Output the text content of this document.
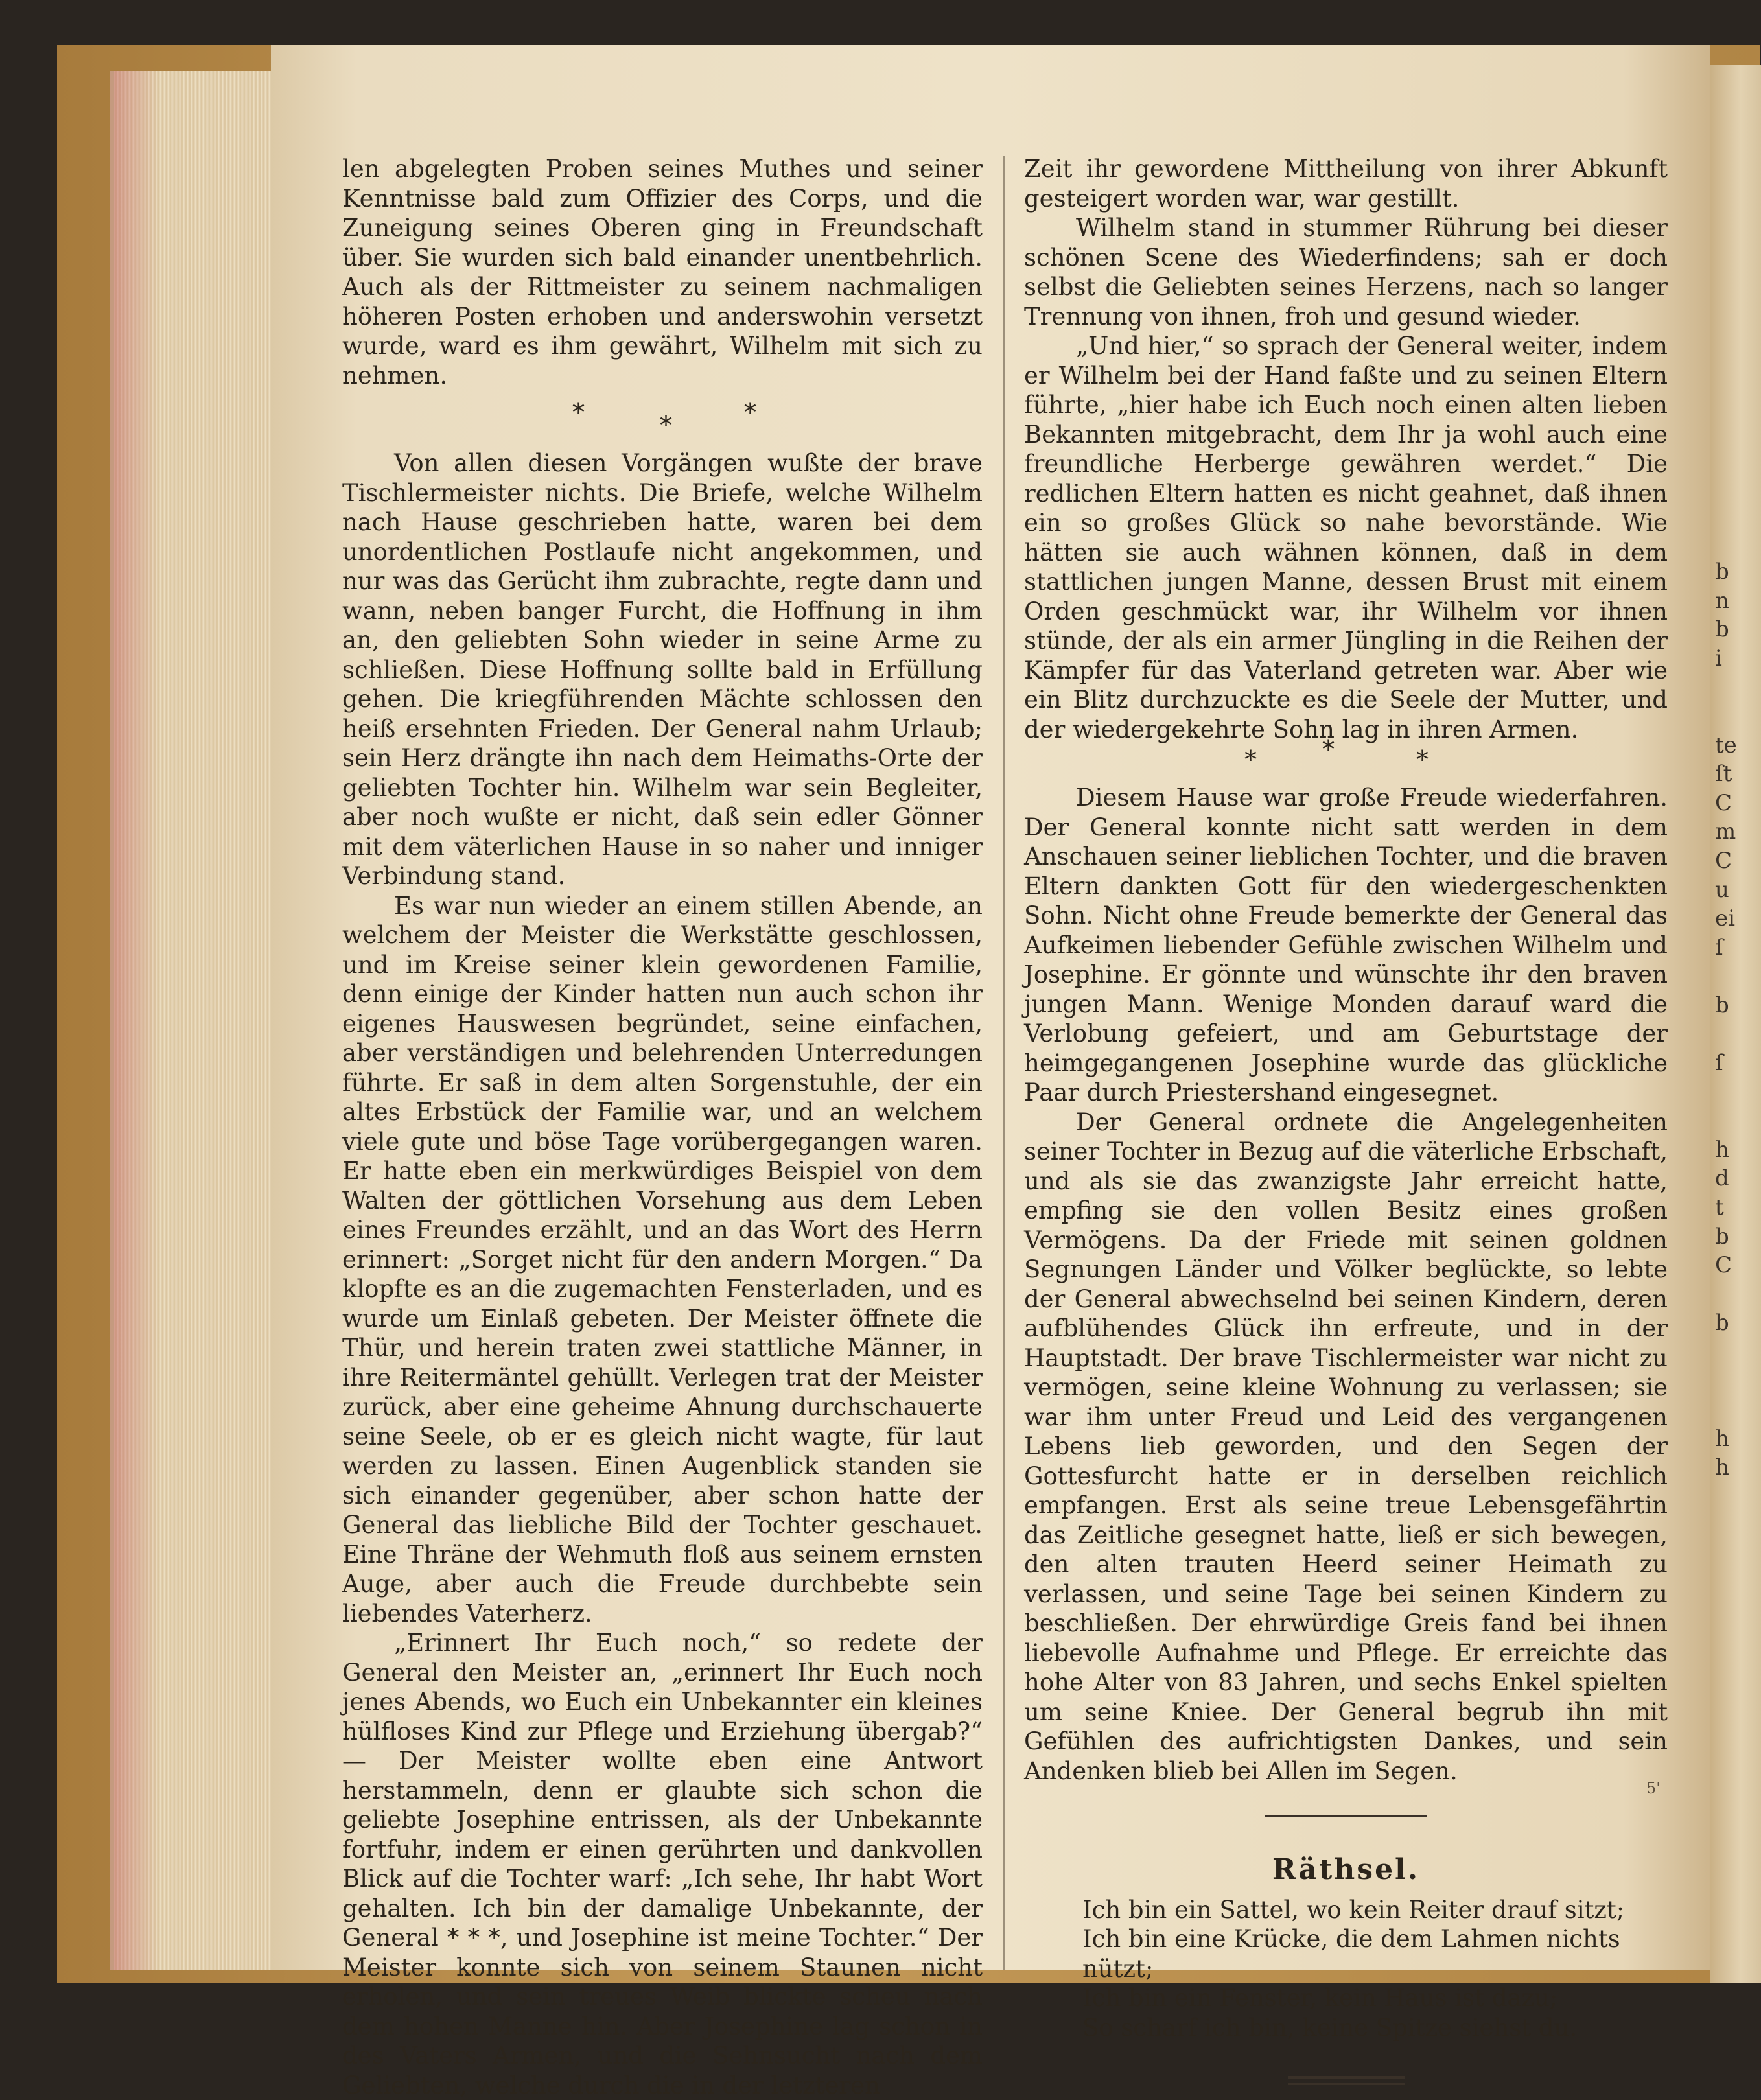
b
n
b
i

te
ſt
C
m
C
u
ei
ſ

b

ſ

h
d
t
b
C

b

h
h

len abgelegten Proben seines Muthes und seiner Kenntnisse bald zum Offizier des Corps, und die Zuneigung seines Oberen ging in Freundschaft über. Sie wurden sich bald einander unentbehrlich. Auch als der Rittmeister zu seinem nachmaligen höheren Posten erhoben und anderswohin versetzt wurde, ward es ihm gewährt, Wilhelm mit sich zu nehmen.

*	*	*

Von allen diesen Vorgängen wußte der brave Tischlermeister nichts. Die Briefe, welche Wilhelm nach Hause geschrieben hatte, waren bei dem unordentlichen Postlaufe nicht angekommen, und nur was das Gerücht ihm zubrachte, regte dann und wann, neben banger Furcht, die Hoffnung in ihm an, den geliebten Sohn wieder in seine Arme zu schließen. Diese Hoffnung sollte bald in Erfüllung gehen. Die kriegführenden Mächte schlossen den heiß ersehnten Frieden. Der General nahm Urlaub; sein Herz drängte ihn nach dem Heimaths-Orte der geliebten Tochter hin. Wilhelm war sein Begleiter, aber noch wußte er nicht, daß sein edler Gönner mit dem väterlichen Hause in so naher und inniger Verbindung stand.

Es war nun wieder an einem stillen Abende, an welchem der Meister die Werkstätte geschlossen, und im Kreise seiner klein gewordenen Familie, denn einige der Kinder hatten nun auch schon ihr eigenes Hauswesen begründet, seine einfachen, aber verständigen und belehrenden Unterredungen führte. Er saß in dem alten Sorgenstuhle, der ein altes Erbstück der Familie war, und an welchem viele gute und böse Tage vorübergegangen waren. Er hatte eben ein merkwürdiges Beispiel von dem Walten der göttlichen Vorsehung aus dem Leben eines Freundes erzählt, und an das Wort des Herrn erinnert: „Sorget nicht für den andern Morgen.“ Da klopfte es an die zugemachten Fensterladen, und es wurde um Einlaß gebeten. Der Meister öffnete die Thür, und herein traten zwei stattliche Männer, in ihre Reitermäntel gehüllt. Verlegen trat der Meister zurück, aber eine geheime Ahnung durchschauerte seine Seele, ob er es gleich nicht wagte, für laut werden zu lassen. Einen Augenblick standen sie sich einander gegenüber, aber schon hatte der General das liebliche Bild der Tochter geschauet. Eine Thräne der Wehmuth floß aus seinem ernsten Auge, aber auch die Freude durchbebte sein liebendes Vaterherz.

„Erinnert Ihr Euch noch,“ so redete der General den Meister an, „erinnert Ihr Euch noch jenes Abends, wo Euch ein Unbekannter ein kleines hülfloses Kind zur Pflege und Erziehung übergab?“ — Der Meister wollte eben eine Antwort herstammeln, denn er glaubte sich schon die geliebte Josephine entrissen, als der Unbekannte fortfuhr, indem er einen gerührten und dankvollen Blick auf die Tochter warf: „Ich sehe, Ihr habt Wort gehalten. Ich bin der damalige Unbekannte, der General * * *, und Josephine ist meine Tochter.“ Der Meister konnte sich von seinem Staunen nicht erholen, und sein treues Weib blickte scheu nach dem hohen Manne hin. Aber Josephine lag schon in des Vaters Armen, und die Sehnsucht nach dem Geliebten, welche durch die in der letzteren

Zeit ihr gewordene Mittheilung von ihrer Abkunft gesteigert worden war, war gestillt.

Wilhelm stand in stummer Rührung bei dieser schönen Scene des Wiederfindens; sah er doch selbst die Geliebten seines Herzens, nach so langer Trennung von ihnen, froh und gesund wieder.

„Und hier,“ so sprach der General weiter, indem er Wilhelm bei der Hand faßte und zu seinen Eltern führte, „hier habe ich Euch noch einen alten lieben Bekannten mitgebracht, dem Ihr ja wohl auch eine freundliche Herberge gewähren werdet.“ Die redlichen Eltern hatten es nicht geahnet, daß ihnen ein so großes Glück so nahe bevorstände. Wie hätten sie auch wähnen können, daß in dem stattlichen jungen Manne, dessen Brust mit einem Orden geschmückt war, ihr Wilhelm vor ihnen stünde, der als ein armer Jüngling in die Reihen der Kämpfer für das Vaterland getreten war. Aber wie ein Blitz durchzuckte es die Seele der Mutter, und der wiedergekehrte Sohn lag in ihren Armen.

*	*	*

Diesem Hause war große Freude wiederfahren. Der General konnte nicht satt werden in dem Anschauen seiner lieblichen Tochter, und die braven Eltern dankten Gott für den wiedergeschenkten Sohn. Nicht ohne Freude bemerkte der General das Aufkeimen liebender Gefühle zwischen Wilhelm und Josephine. Er gönnte und wünschte ihr den braven jungen Mann. Wenige Monden darauf ward die Verlobung gefeiert, und am Geburtstage der heimgegangenen Josephine wurde das glückliche Paar durch Priestershand eingesegnet.

Der General ordnete die Angelegenheiten seiner Tochter in Bezug auf die väterliche Erbschaft, und als sie das zwanzigste Jahr erreicht hatte, empfing sie den vollen Besitz eines großen Vermögens. Da der Friede mit seinen goldnen Segnungen Länder und Völker beglückte, so lebte der General abwechselnd bei seinen Kindern, deren aufblühendes Glück ihn erfreute, und in der Hauptstadt. Der brave Tischlermeister war nicht zu vermögen, seine kleine Wohnung zu verlassen; sie war ihm unter Freud und Leid des vergangenen Lebens lieb geworden, und den Segen der Gottesfurcht hatte er in derselben reichlich empfangen. Erst als seine treue Lebensgefährtin das Zeitliche gesegnet hatte, ließ er sich bewegen, den alten trauten Heerd seiner Heimath zu verlassen, und seine Tage bei seinen Kindern zu beschließen. Der ehrwürdige Greis fand bei ihnen liebevolle Aufnahme und Pflege. Er erreichte das hohe Alter von 83 Jahren, und sechs Enkel spielten um seine Kniee. Der General begrub ihn mit Gefühlen des aufrichtigsten Dankes, und sein Andenken blieb bei Allen im Segen.

Räthsel.
Ich bin ein Sattel, wo kein Reiter drauf sitzt;
Ich bin eine Krücke, die dem Lahmen nichts nützt;
Ich bin ein Fenster, kein Haus ist dazu;
So scharf ich bin, keine Spitze siehst du.
5'
